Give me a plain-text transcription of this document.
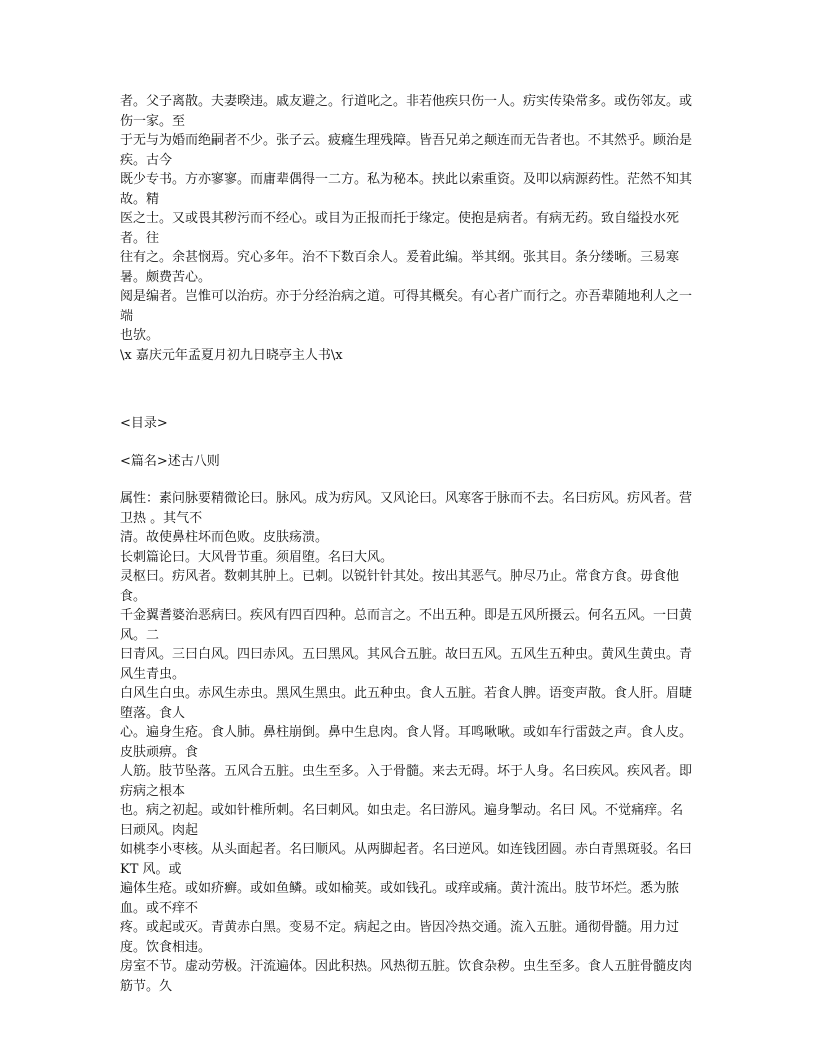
者。父子离散。夫妻暌违。戚友避之。行道叱之。非若他疾只伤一人。疠实传染常多。或伤邻友。或伤一家。至

于无与为婚而绝嗣者不少。张子云。疲癃生理残障。皆吾兄弟之颠连而无告者也。不其然乎。顾治是疾。古今

既少专书。方亦寥寥。而庸辈偶得一二方。私为秘本。挟此以索重资。及叩以病源药性。茫然不知其故。精

医之士。又或畏其秽污而不经心。或目为正报而托于缘定。使抱是病者。有病无药。致自缢投水死者。往

往有之。余甚悯焉。究心多年。治不下数百余人。爰着此编。举其纲。张其目。条分缕晰。三易寒暑。颇费苦心。

阅是编者。岂惟可以治疠。亦于分经治病之道。可得其概矣。有心者广而行之。亦吾辈随地利人之一端

也欤。

\x 嘉庆元年孟夏月初九日晓亭主人书\x

<目录>

<篇名>述古八则

属性：素问脉要精微论曰。脉风。成为疠风。又风论曰。风寒客于脉而不去。名曰疠风。疠风者。营卫热 。其气不

清。故使鼻柱坏而色败。皮肤疡溃。

长刺篇论曰。大风骨节重。须眉堕。名曰大风。

灵枢曰。疠风者。数刺其肿上。已刺。以锐针针其处。按出其恶气。肿尽乃止。常食方食。毋食他食。

千金翼耆婆治恶病曰。疾风有四百四种。总而言之。不出五种。即是五风所摄云。何名五风。一曰黄风。二

曰青风。三曰白风。四曰赤风。五曰黑风。其风合五脏。故曰五风。五风生五种虫。黄风生黄虫。青风生青虫。

白风生白虫。赤风生赤虫。黑风生黑虫。此五种虫。食人五脏。若食人脾。语变声散。食人肝。眉睫堕落。食人

心。遍身生疮。食人肺。鼻柱崩倒。鼻中生息肉。食人肾。耳鸣啾啾。或如车行雷鼓之声。食人皮。皮肤顽痹。食

人筋。肢节坠落。五风合五脏。虫生至多。入于骨髓。来去无碍。坏于人身。名曰疾风。疾风者。即疠病之根本

也。病之初起。或如针椎所刺。名曰刺风。如虫走。名曰游风。遍身掣动。名曰 风。不觉痛痒。名曰顽风。肉起

如桃李小枣核。从头面起者。名曰顺风。从两脚起者。名曰逆风。如连钱团圆。赤白青黑斑驳。名曰KT 风。或

遍体生疮。或如疥癣。或如鱼鳞。或如榆荚。或如钱孔。或痒或痛。黄汁流出。肢节坏烂。悉为脓血。或不痒不

疼。或起或灭。青黄赤白黑。变易不定。病起之由。皆因冷热交通。流入五脏。通彻骨髓。用力过度。饮食相违。

房室不节。虚动劳极。汗流遍体。因此积热。风热彻五脏。饮食杂秽。虫生至多。食人五脏骨髓皮肉筋节。久
